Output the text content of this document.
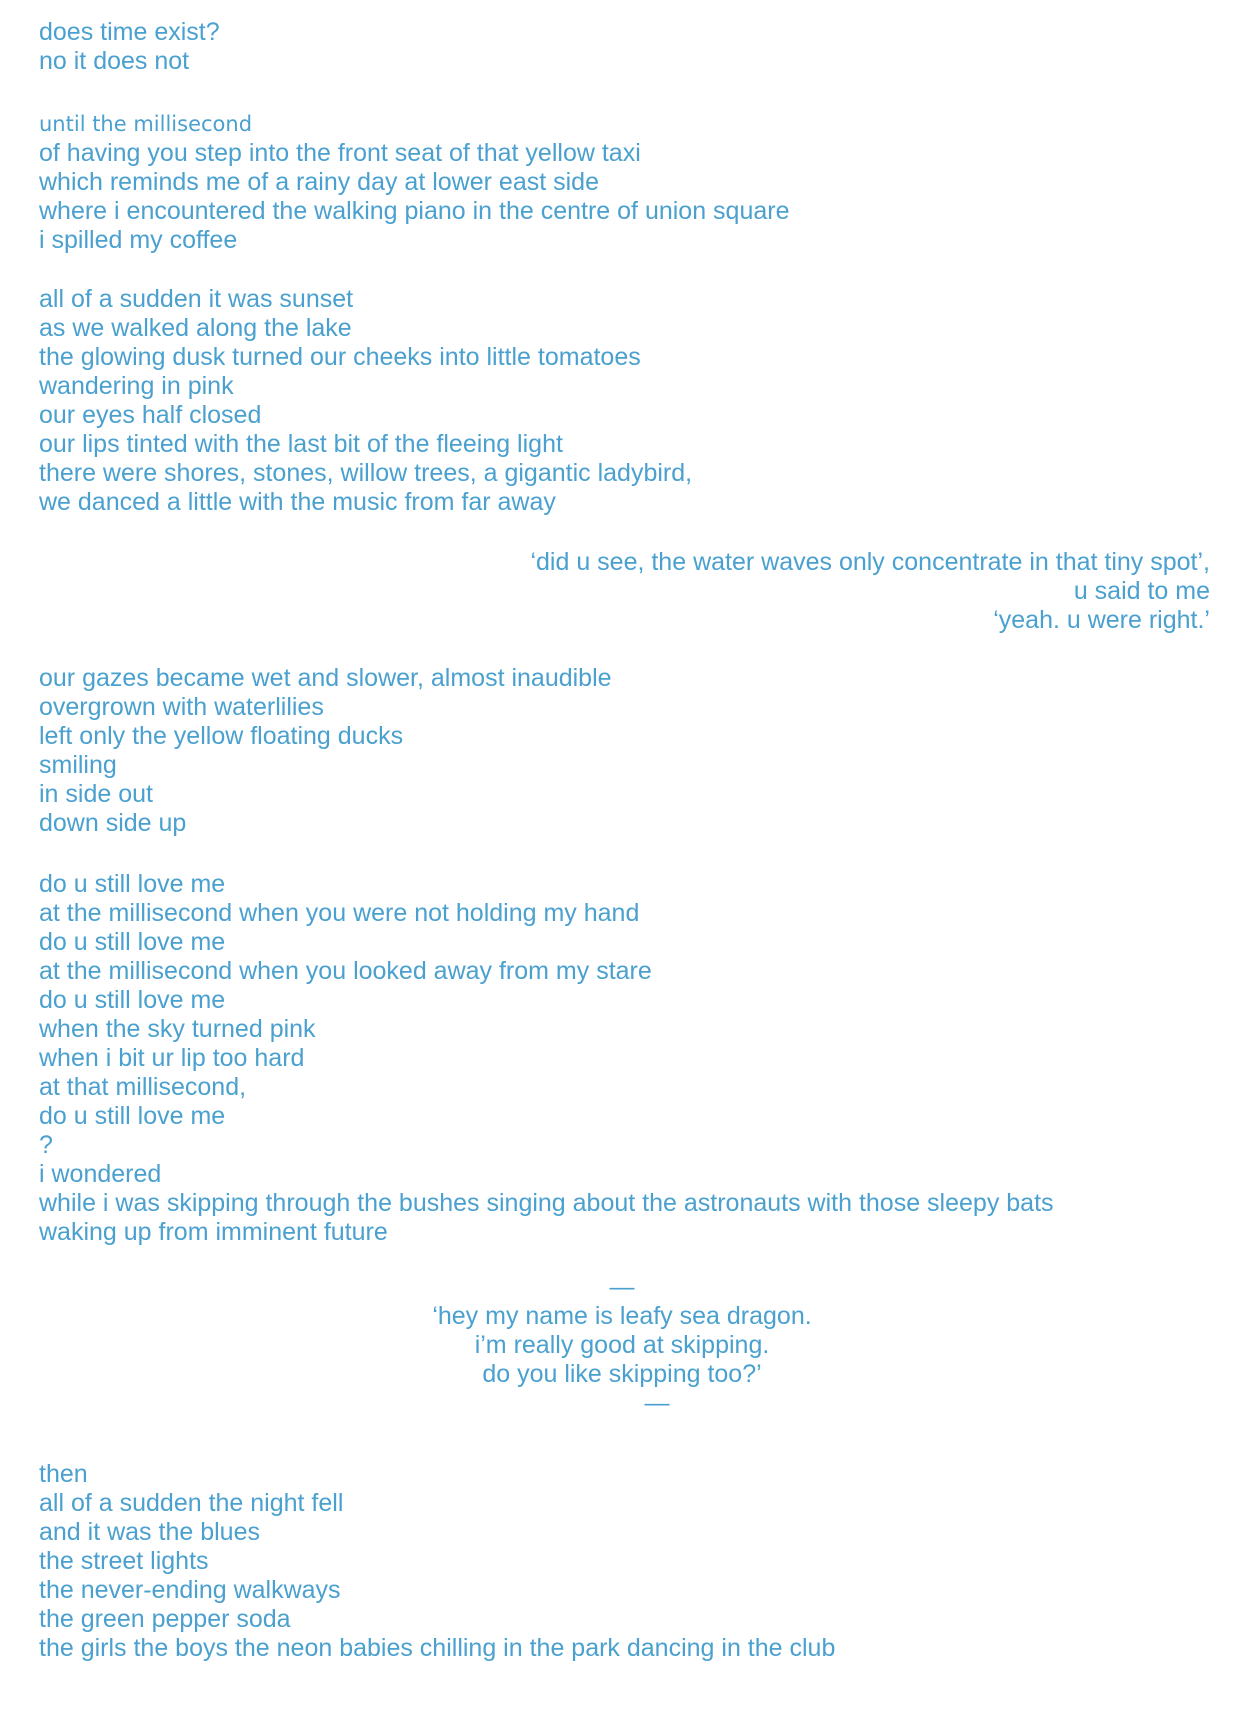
does time exist?
no it does not
until the millisecond
of having you step into the front seat of that yellow taxi
which reminds me of a rainy day at lower east side
where i encountered the walking piano in the centre of union square
i spilled my coffee
all of a sudden it was sunset
as we walked along the lake
the glowing dusk turned our cheeks into little tomatoes
wandering in pink
our eyes half closed
our lips tinted with the last bit of the fleeing light
there were shores, stones, willow trees, a gigantic ladybird,
we danced a little with the music from far away
‘did u see, the water waves only concentrate in that tiny spot’,
u said to me
‘yeah. u were right.’
our gazes became wet and slower, almost inaudible
overgrown with waterlilies
left only the yellow floating ducks
smiling
in side out
down side up
do u still love me
at the millisecond when you were not holding my hand
do u still love me
at the millisecond when you looked away from my stare
do u still love me
when the sky turned pink
when i bit ur lip too hard
at that millisecond,
do u still love me
?
i wondered
while i was skipping through the bushes singing about the astronauts with those sleepy bats
waking up from imminent future
—
‘hey my name is leafy sea dragon.
i’m really good at skipping.
do you like skipping too?’
—
then
all of a sudden the night fell
and it was the blues
the street lights
the never-ending walkways
the green pepper soda
the girls the boys the neon babies chilling in the park dancing in the club
